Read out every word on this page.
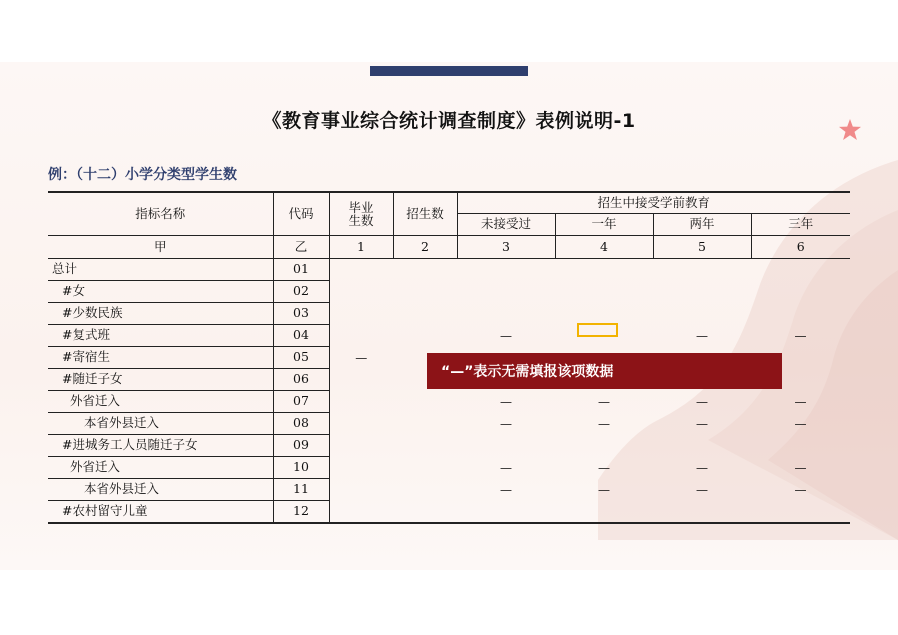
《教育事业综合统计调查制度》表例说明-1
例：（十二）小学分类型学生数
指标名称	代码	毕业生数	招生数	招生中接受学前教育			
				未接受过	一年	两年	三年
甲	乙	1	2	3	4	5	6
总计	01						
#女	02						
#少数民族	03						
#复式班	04			—	—	—	—
#寄宿生	05	—					
#随迁子女	06						
外省迁入	07			—	—	—	—
本省外县迁入	08			—	—	—	—
#进城务工人员随迁子女	09						
外省迁入	10			—	—	—	—
本省外县迁入	11			—	—	—	—
#农村留守儿童	12						
“—”表示无需填报该项数据
